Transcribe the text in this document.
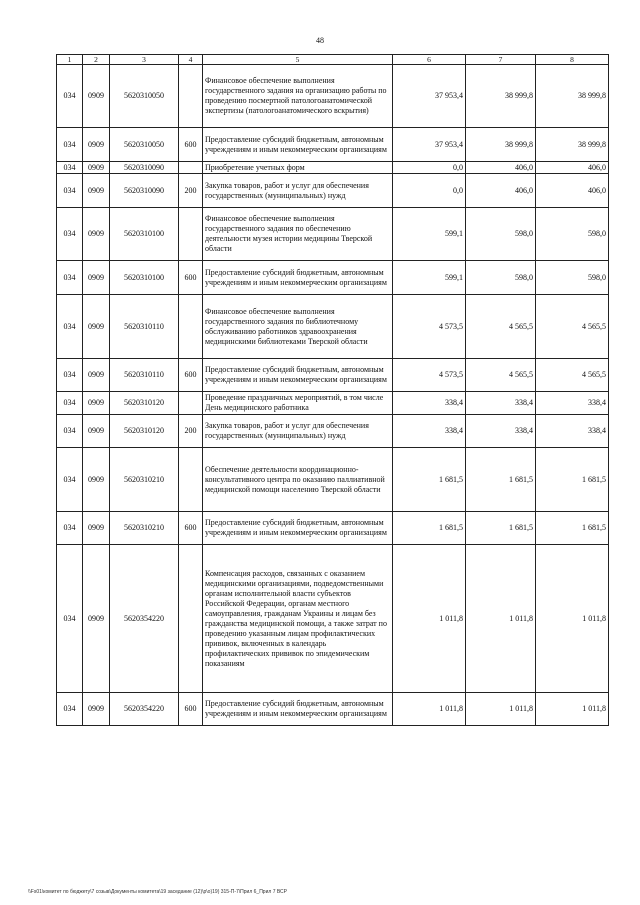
48
1	2	3	4	5	6	7	8
034	0909	5620310050		Финансовое обеспечение выполнения государственного задания на организацию работы по проведению посмертной патологоанатомической экспертизы (патологоанатомического вскрытия)	37 953,4	38 999,8	38 999,8
034	0909	5620310050	600	Предоставление субсидий бюджетным, автономным учреждениям и иным некоммерческим организациям	37 953,4	38 999,8	38 999,8
034	0909	5620310090		Приобретение учетных форм	0,0	406,0	406,0
034	0909	5620310090	200	Закупка товаров, работ и услуг для обеспечения государственных (муниципальных) нужд	0,0	406,0	406,0
034	0909	5620310100		Финансовое обеспечение выполнения государственного задания по обеспечению деятельности музея истории медицины Тверской области	599,1	598,0	598,0
034	0909	5620310100	600	Предоставление субсидий бюджетным, автономным учреждениям и иным некоммерческим организациям	599,1	598,0	598,0
034	0909	5620310110		Финансовое обеспечение выполнения государственного задания по библиотечному обслуживанию работников здравоохранения медицинскими библиотеками Тверской области	4 573,5	4 565,5	4 565,5
034	0909	5620310110	600	Предоставление субсидий бюджетным, автономным учреждениям и иным некоммерческим организациям	4 573,5	4 565,5	4 565,5
034	0909	5620310120		Проведение праздничных мероприятий, в том числе День медицинского работника	338,4	338,4	338,4
034	0909	5620310120	200	Закупка товаров, работ и услуг для обеспечения государственных (муниципальных) нужд	338,4	338,4	338,4
034	0909	5620310210		Обеспечение деятельности координационно-консультативного центра по оказанию паллиативной медицинской помощи населению Тверской области	1 681,5	1 681,5	1 681,5
034	0909	5620310210	600	Предоставление субсидий бюджетным, автономным учреждениям и иным некоммерческим организациям	1 681,5	1 681,5	1 681,5
034	0909	5620354220		Компенсация расходов, связанных с оказанием медицинскими организациями, подведомственными органам исполнительной власти субъектов Российской Федерации, органам местного самоуправления, гражданам Украины и лицам без гражданства медицинской помощи, а также затрат по проведению указанным лицам профилактических прививок, включенных в календарь профилактических прививок по эпидемическим показаниям	1 011,8	1 011,8	1 011,8
034	0909	5620354220	600	Предоставление субсидий бюджетным, автономным учреждениям и иным некоммерческим организациям	1 011,8	1 011,8	1 011,8
\\Fs01\комитет по бюджету\7 созыв\Документы комитета\19 заседание (12)\р\о)19) 315-П-7\Прил 6_Прил 7 ВСР
